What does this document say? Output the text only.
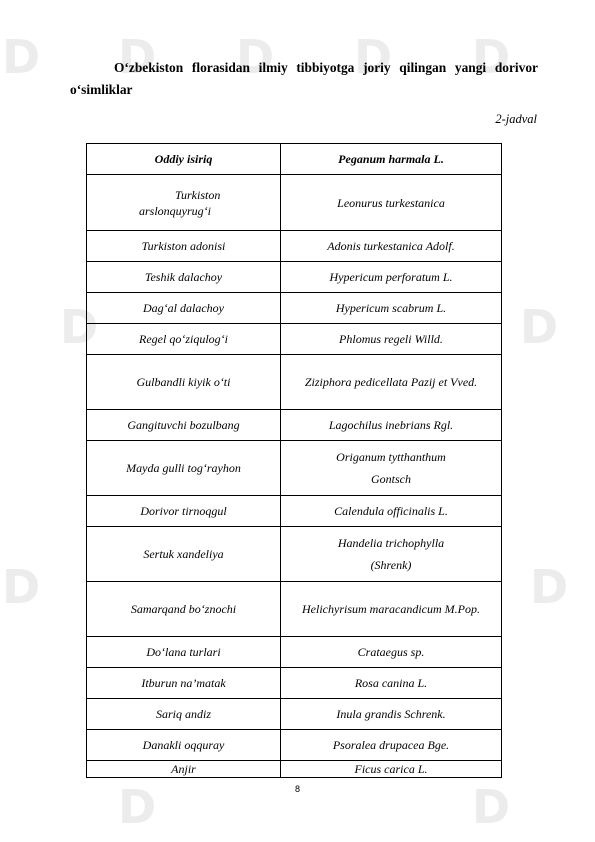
D D D D D
D	D
D	D
D	D
O‘zbekiston florasidan ilmiy tibbiyotga joriy qilingan yangi dorivor o‘simliklar
2-jadval
Oddiy isiriq	Peganum harmala L.
Turkiston arslonquyrug‘i	Leonurus turkestanica
Turkiston adonisi	Adonis turkestanica Adolf.
Teshik dalachoy	Hypericum perforatum L.
Dag‘al dalachoy	Hypericum scabrum L.
Regel qo‘ziqulog‘i	Phlomus regeli Willd.
Gulbandli kiyik o‘ti	Ziziphora pedicellata Pazij et Vved.
Gangituvchi bozulbang	Lagochilus inebrians Rgl.
Mayda gulli tog‘rayhon	Origanum tytthanthum Gontsch
Dorivor tirnoqgul	Calendula officinalis L.
Sertuk xandeliya	Handelia trichophylla (Shrenk)
Samarqand bo‘znochi	Helichyrisum maracandicum M.Pop.
Do‘lana turlari	Crataegus sp.
Itburun na’matak	Rosa canina L.
Sariq andiz	Inula grandis Schrenk.
Danakli oqquray	Psoralea drupacea Bge.
Anjir	Ficus carica L.
8
